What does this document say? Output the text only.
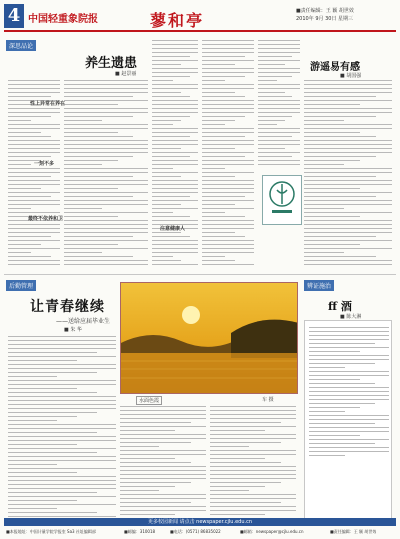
4 中国轻重象院报	蓼和亭	■责任编辑：王 颖 胡世效
2010年 9月 30日 星期三
深思品论
养生遗患
■ 赵景丽
性上异常在养在
一刻不多
最终不依养和卫
注意健康人
游遥易有感
■ 胡国强
后勤管理
让青春继续
——送给应届毕业生
■ 朱 华
水面色霞	车 摄
辨证施治
ff 酒
■ 陈大淋
更多校园新闻 请点击 newspaper.cjlu.edu.cn
■本报地址：中国计量学院学报室 Sa3 社址编辑部	■邮编：310018	■电话：(0571) 86835022	■邮箱：newspaper@cjlu.edu.cn	■责任编辑：王 颖 胡世效
